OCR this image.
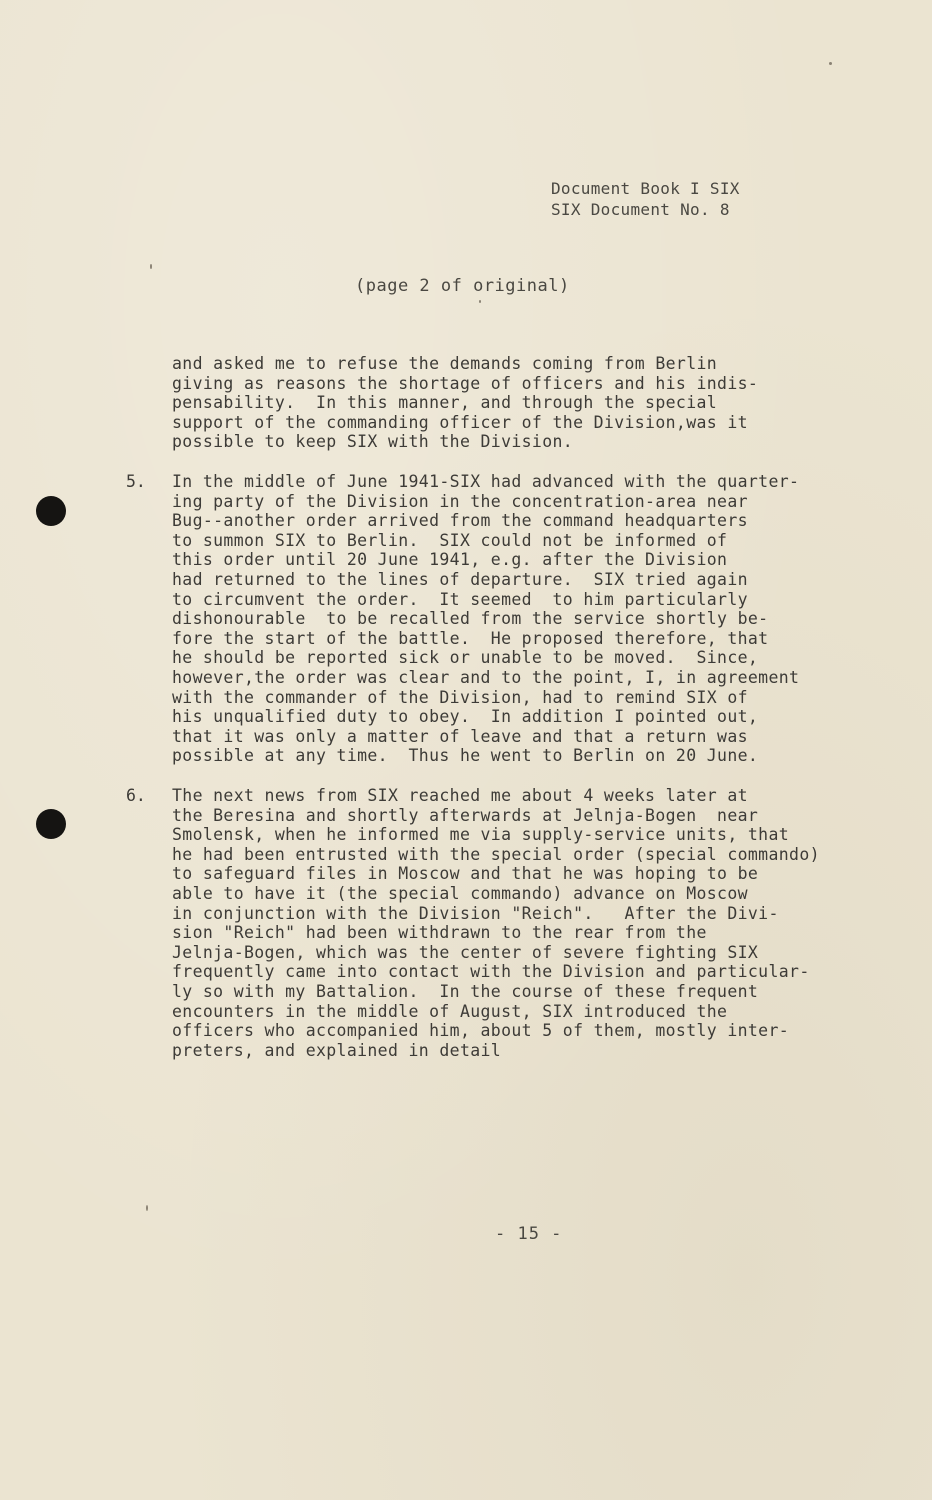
Document Book I SIX
SIX Document No. 8
(page 2 of original)
and asked me to refuse the demands coming from Berlin
giving as reasons the shortage of officers and his indis-
pensability.  In this manner, and through the special
support of the commanding officer of the Division,was it
possible to keep SIX with the Division.
5. In the middle of June 1941-SIX had advanced with the quarter-
ing party of the Division in the concentration-area near
Bug--another order arrived from the command headquarters
to summon SIX to Berlin.  SIX could not be informed of
this order until 20 June 1941, e.g. after the Division
had returned to the lines of departure.  SIX tried again
to circumvent the order.  It seemed  to him particularly
dishonourable  to be recalled from the service shortly be-
fore the start of the battle.  He proposed therefore, that
he should be reported sick or unable to be moved.  Since,
however,the order was clear and to the point, I, in agreement
with the commander of the Division, had to remind SIX of
his unqualified duty to obey.  In addition I pointed out,
that it was only a matter of leave and that a return was
possible at any time.  Thus he went to Berlin on 20 June.
6. The next news from SIX reached me about 4 weeks later at
the Beresina and shortly afterwards at Jelnja-Bogen  near
Smolensk, when he informed me via supply-service units, that
he had been entrusted with the special order (special commando)
to safeguard files in Moscow and that he was hoping to be
able to have it (the special commando) advance on Moscow
in conjunction with the Division "Reich".   After the Divi-
sion "Reich" had been withdrawn to the rear from the
Jelnja-Bogen, which was the center of severe fighting SIX
frequently came into contact with the Division and particular-
ly so with my Battalion.  In the course of these frequent
encounters in the middle of August, SIX introduced the
officers who accompanied him, about 5 of them, mostly inter-
preters, and explained in detail
- 15 -
